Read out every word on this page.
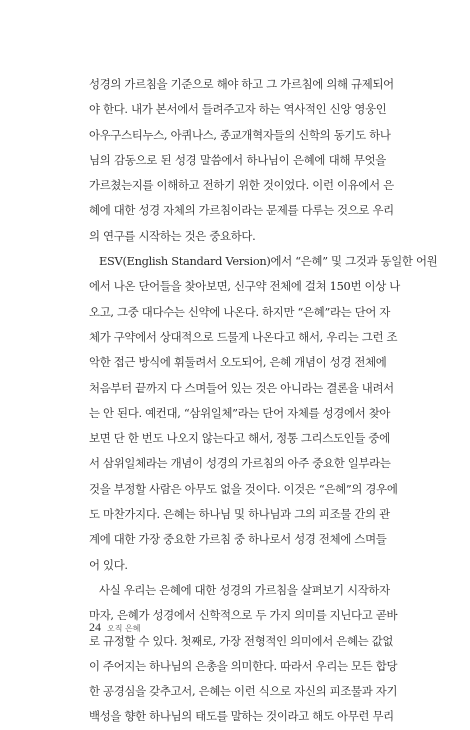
성경의 가르침을 기준으로 해야 하고 그 가르침에 의해 규제되어
야 한다. 내가 본서에서 들려주고자 하는 역사적인 신앙 영웅인
아우구스티누스, 아퀴나스, 종교개혁자들의 신학의 동기도 하나
님의 감동으로 된 성경 말씀에서 하나님이 은혜에 대해 무엇을
가르쳤는지를 이해하고 전하기 위한 것이었다. 이런 이유에서 은
혜에 대한 성경 자체의 가르침이라는 문제를 다루는 것으로 우리
의 연구를 시작하는 것은 중요하다.
ESV(English Standard Version)에서 “은혜” 및 그것과 동일한 어원
에서 나온 단어들을 찾아보면, 신구약 전체에 걸쳐 150번 이상 나
오고, 그중 대다수는 신약에 나온다. 하지만 “은혜”라는 단어 자
체가 구약에서 상대적으로 드물게 나온다고 해서, 우리는 그런 조
악한 접근 방식에 휘둘려서 오도되어, 은혜 개념이 성경 전체에
처음부터 끝까지 다 스며들어 있는 것은 아니라는 결론을 내려서
는 안 된다. 예컨대, “삼위일체”라는 단어 자체를 성경에서 찾아
보면 단 한 번도 나오지 않는다고 해서, 정통 그리스도인들 중에
서 삼위일체라는 개념이 성경의 가르침의 아주 중요한 일부라는
것을 부정할 사람은 아무도 없을 것이다. 이것은 “은혜”의 경우에
도 마찬가지다. 은혜는 하나님 및 하나님과 그의 피조물 간의 관
계에 대한 가장 중요한 가르침 중 하나로서 성경 전체에 스며들
어 있다.
사실 우리는 은혜에 대한 성경의 가르침을 살펴보기 시작하자
마자, 은혜가 성경에서 신학적으로 두 가지 의미를 지닌다고 곧바
로 규정할 수 있다. 첫째로, 가장 전형적인 의미에서 은혜는 값없
이 주어지는 하나님의 은총을 의미한다. 따라서 우리는 모든 합당
한 공경심을 갖추고서, 은혜는 이런 식으로 자신의 피조물과 자기
백성을 향한 하나님의 태도를 말하는 것이라고 해도 아무런 무리
24 오직 은혜
